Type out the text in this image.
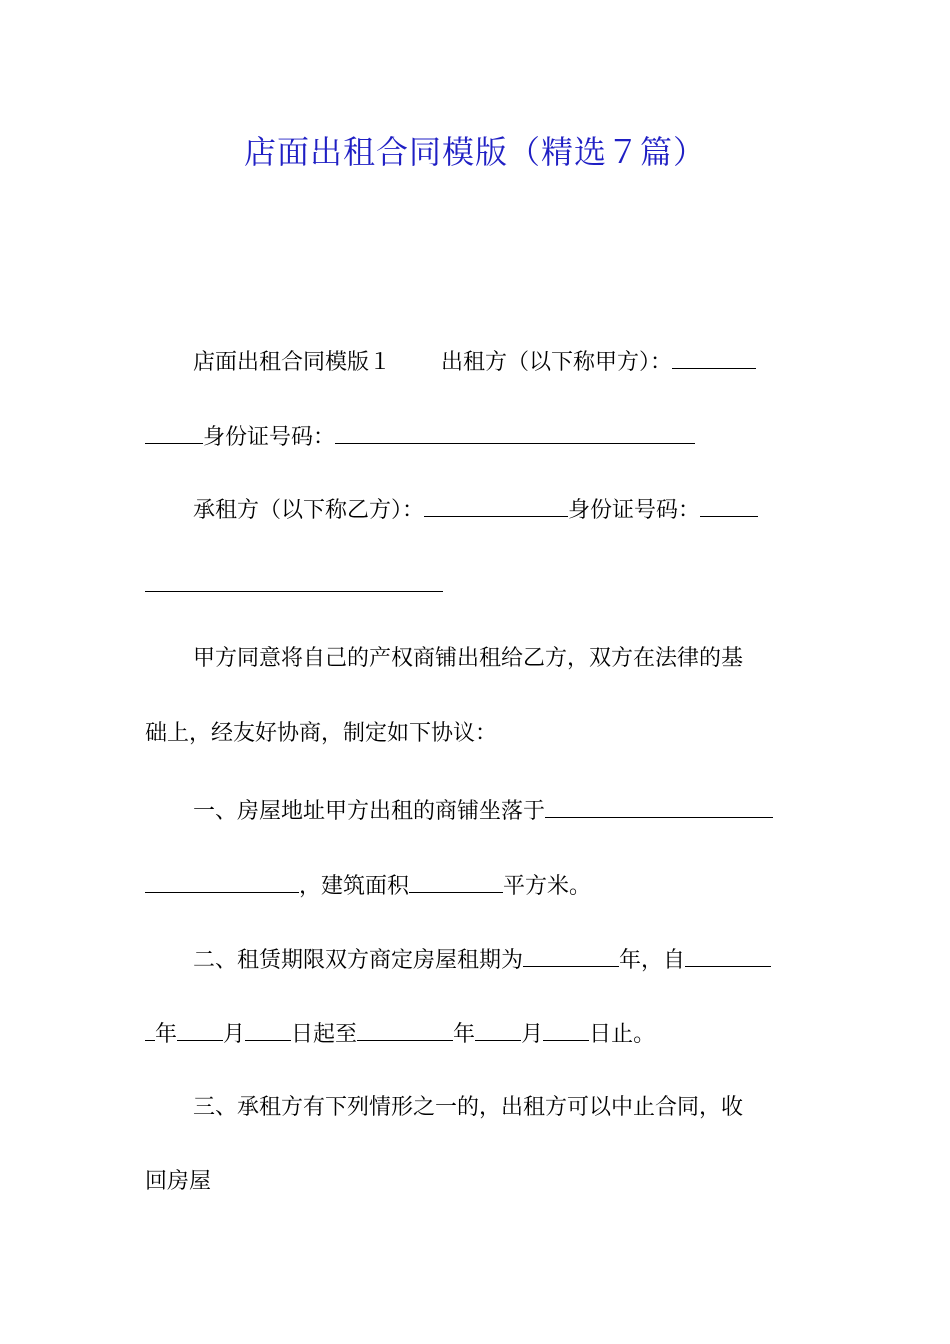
店面出租合同模版（精选７篇）
店面出租合同模版１ 出租方（以下称甲方）：
身份证号码：
承租方（以下称乙方）：	身份证号码：
甲方同意将自己的产权商铺出租给乙方，双方在法律的基
础上，经友好协商，制定如下协议：
一、房屋地址甲方出租的商铺坐落于
，建筑面积	平方米。
二、租赁期限双方商定房屋租期为	年，自
年 月 日起至	年 月 日止。
三、承租方有下列情形之一的，出租方可以中止合同，收
回房屋
